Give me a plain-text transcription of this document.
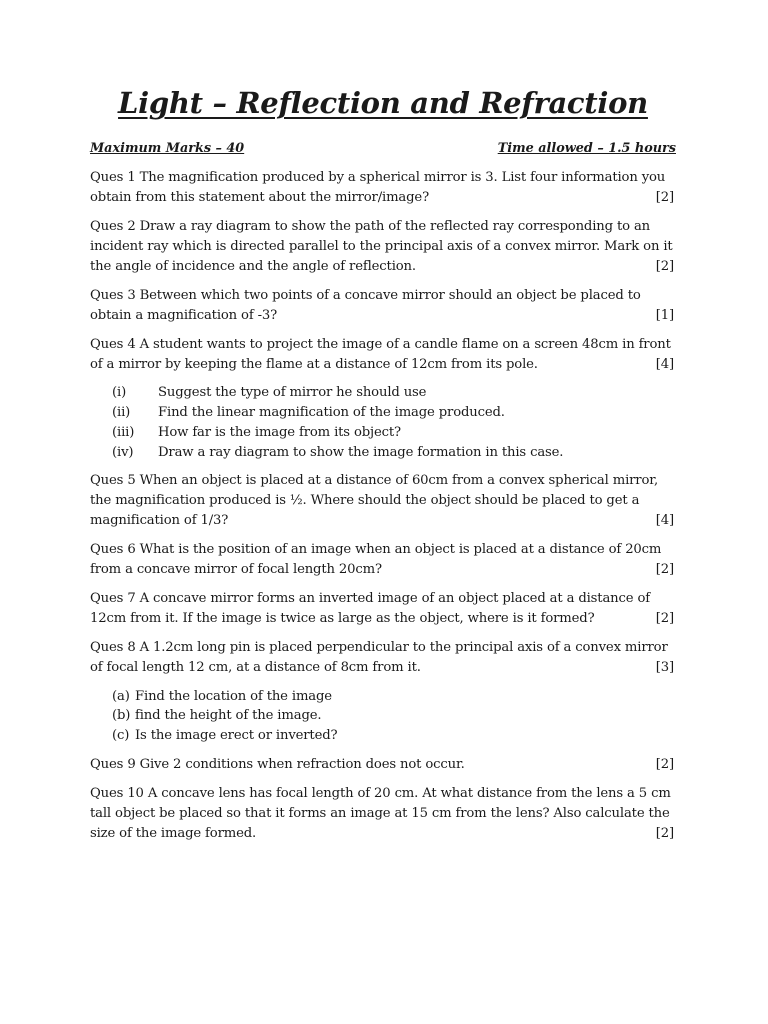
Light – Reflection and Refraction
Maximum Marks – 40	Time allowed – 1.5 hours
Ques 1 The magnification produced by a spherical mirror is 3. List four information you obtain from this statement about the mirror/image?	[2]
Ques 2 Draw a ray diagram to show the path of the reflected ray corresponding to an incident ray which is directed parallel to the principal axis of a convex mirror. Mark on it the angle of incidence and the angle of reflection.	[2]
Ques 3 Between which two points of a concave mirror should an object be placed to obtain a magnification of -3?	[1]
Ques 4 A student wants to project the image of a candle flame on a screen 48cm in front of a mirror by keeping the flame at a distance of 12cm from its pole.	[4]
(i) Suggest the type of mirror he should use
(ii) Find the linear magnification of the image produced.
(iii) How far is the image from its object?
(iv) Draw a ray diagram to show the image formation in this case.
Ques 5 When an object is placed at a distance of 60cm from a convex spherical mirror, the magnification produced is ½. Where should the object should be placed to get a magnification of 1/3?	[4]
Ques 6 What is the position of an image when an object is placed at a distance of 20cm from a concave mirror of focal length 20cm?	[2]
Ques 7 A concave mirror forms an inverted image of an object placed at a distance of 12cm from it. If the image is twice as large as the object, where is it formed?	[2]
Ques 8 A 1.2cm long pin is placed perpendicular to the principal axis of a convex mirror of focal length 12 cm, at a distance of 8cm from it.	[3]
(a) Find the location of the image
(b) find the height of the image.
(c) Is the image erect or inverted?
Ques 9 Give 2 conditions when refraction does not occur.	[2]
Ques 10 A concave lens has focal length of 20 cm. At what distance from the lens a 5 cm tall object be placed so that it forms an image at 15 cm from the lens? Also calculate the size of the image formed.	[2]
